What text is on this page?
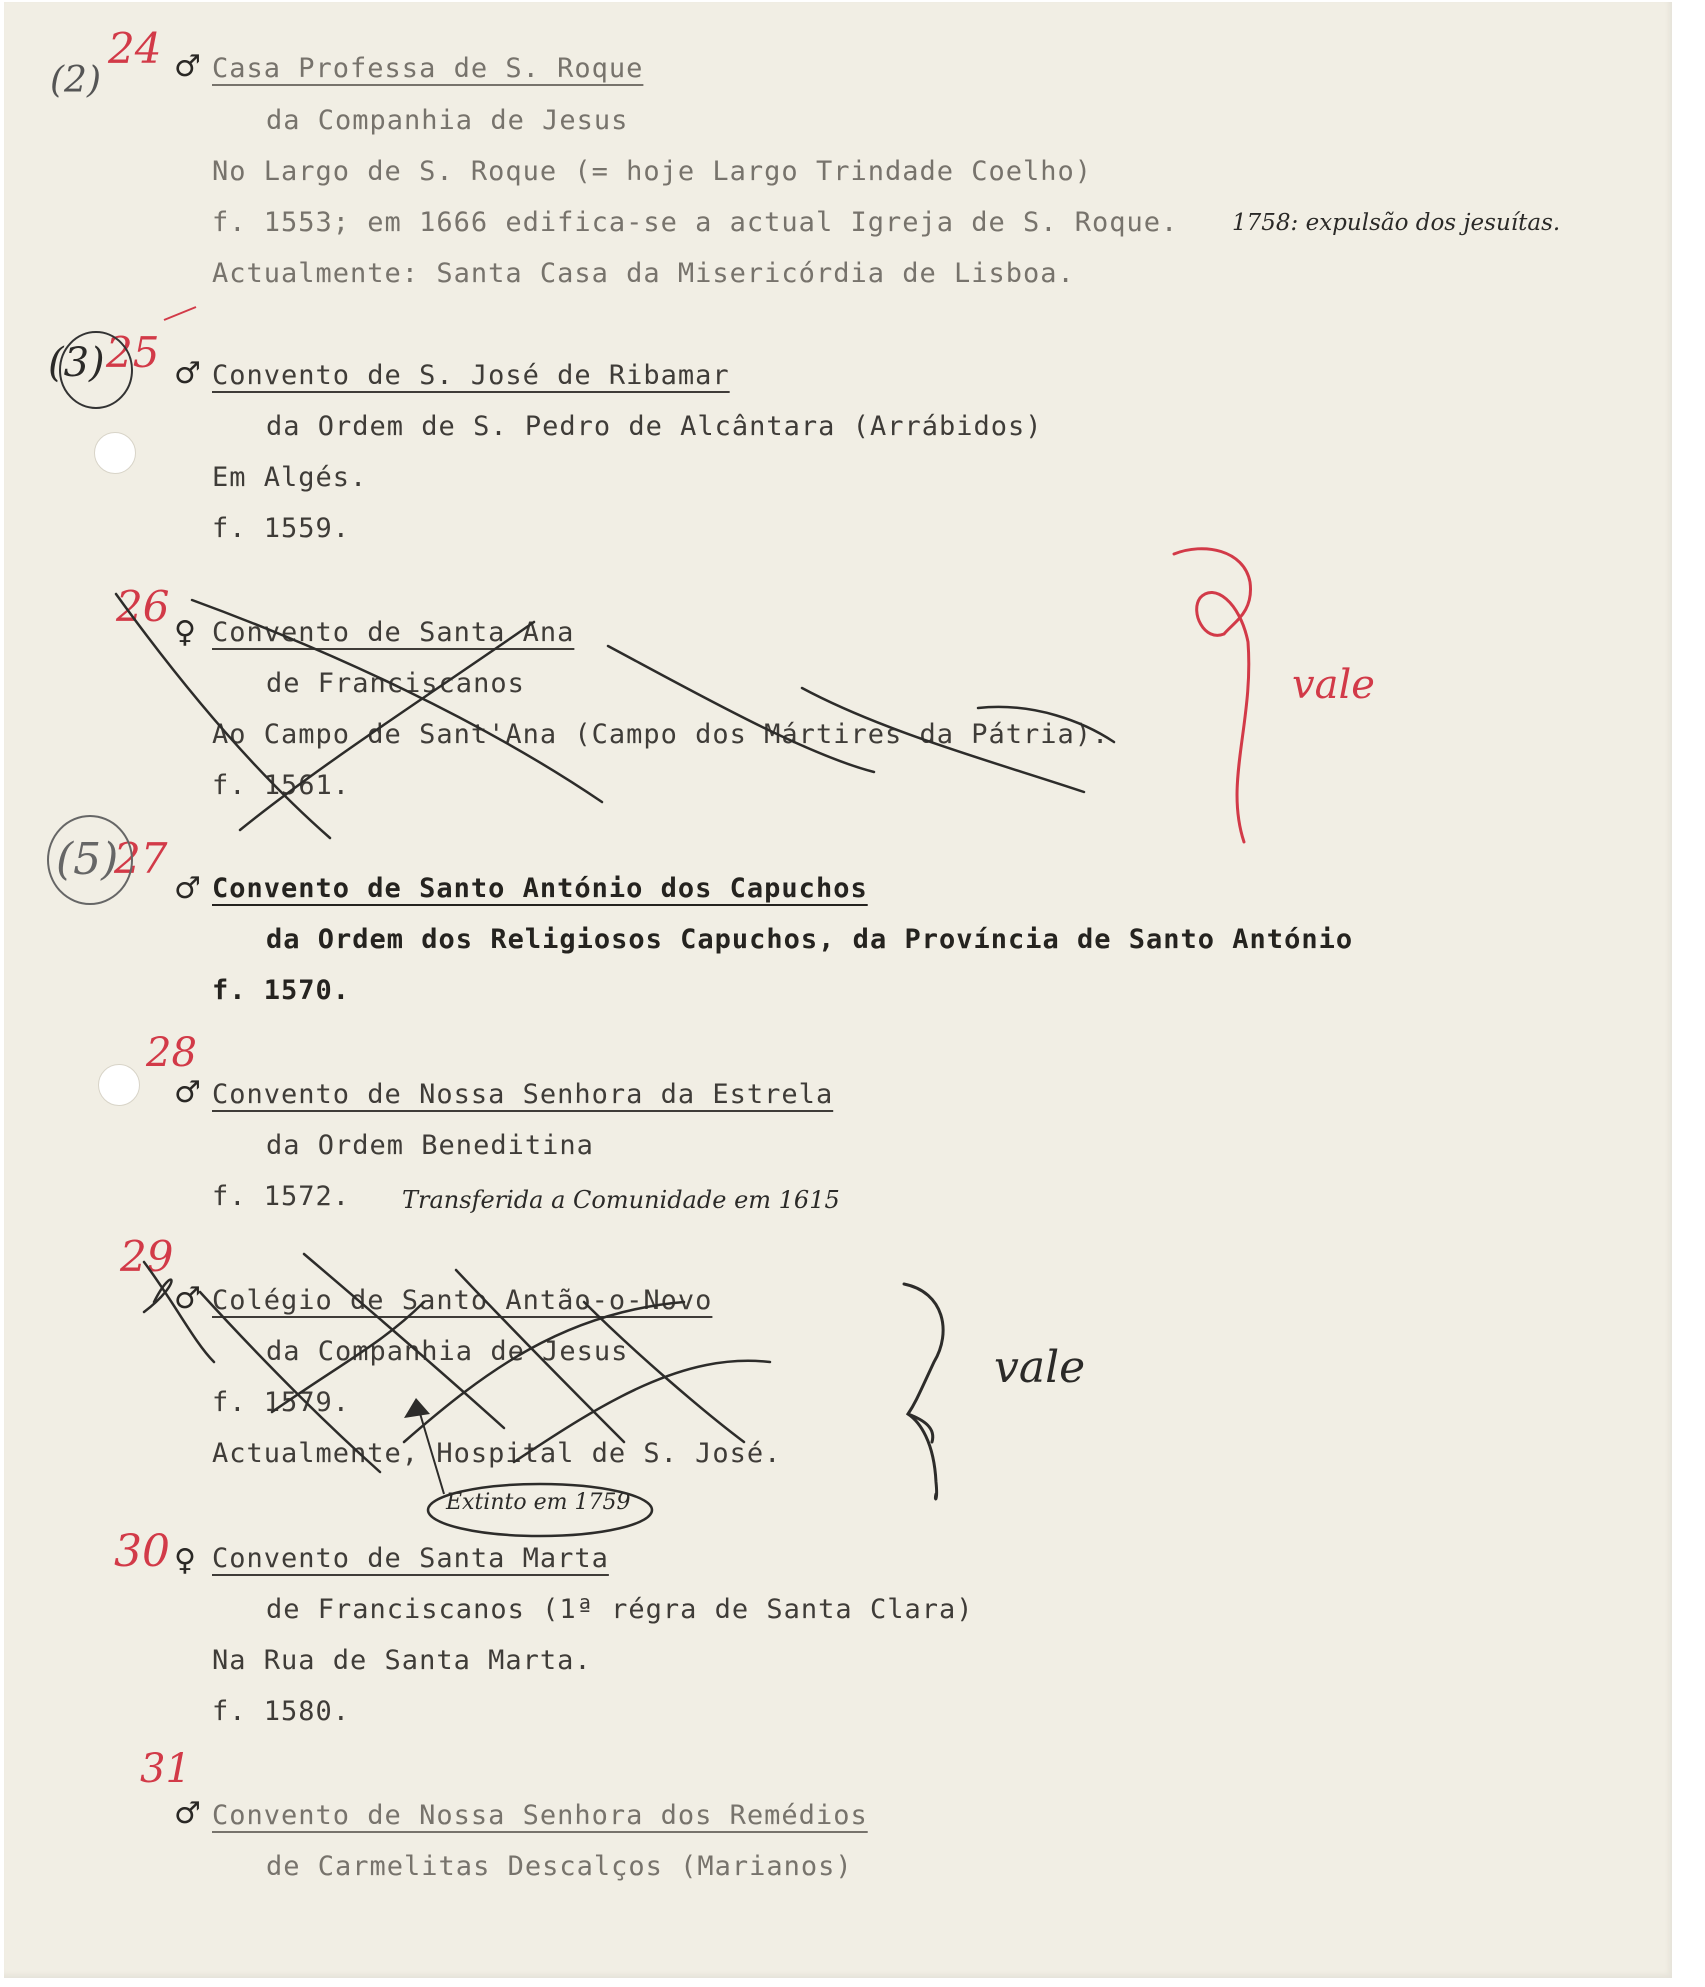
(2)
24 ♂ Casa Professa de S. Roque
da Companhia de Jesus
No Largo de S. Roque (= hoje Largo Trindade Coelho)
f. 1553; em 1666 edifica-se a actual Igreja de S. Roque. 1758: expulsão dos jesuítas.
Actualmente: Santa Casa da Misericórdia de Lisboa.
(3) 25 ♂ Convento de S. José de Ribamar
da Ordem de S. Pedro de Alcântara (Arrábidos)
Em Algés.
f. 1559.
26
♀ Convento de Santa Ana
de Franciscanos
Ao Campo de Sant'Ana (Campo dos Mártires da Pátria).
f. 1561.
vale
(5)
27
♂ Convento de Santo António dos Capuchos
da Ordem dos Religiosos Capuchos, da Província de Santo António
f. 1570.
28
♂ Convento de Nossa Senhora da Estrela
da Ordem Beneditina
f. 1572. Transferida a Comunidade em 1615
29
♂ Colégio de Santo Antão-o-Novo
da Companhia de Jesus
f. 1579.
Actualmente, Hospital de S. José.
vale
Extinto em 1759
30 ♀ Convento de Santa Marta
de Franciscanos (1ª régra de Santa Clara)
Na Rua de Santa Marta.
f. 1580.
31
♂ Convento de Nossa Senhora dos Remédios
de Carmelitas Descalços (Marianos)
